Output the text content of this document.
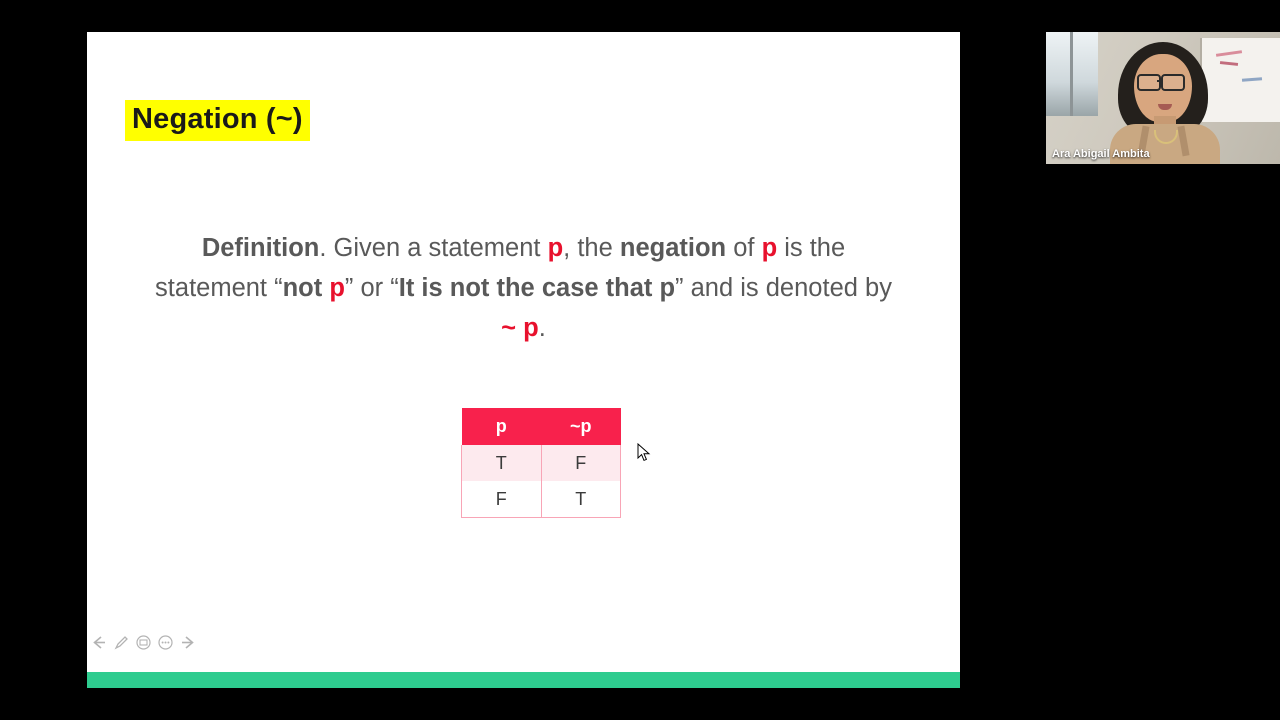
Negation (~)
Definition. Given a statement p, the negation of p is the statement “not p” or “It is not the case that p” and is denoted by ~ p.
p	~p
T	F
F	T
Ara Abigail Ambita
